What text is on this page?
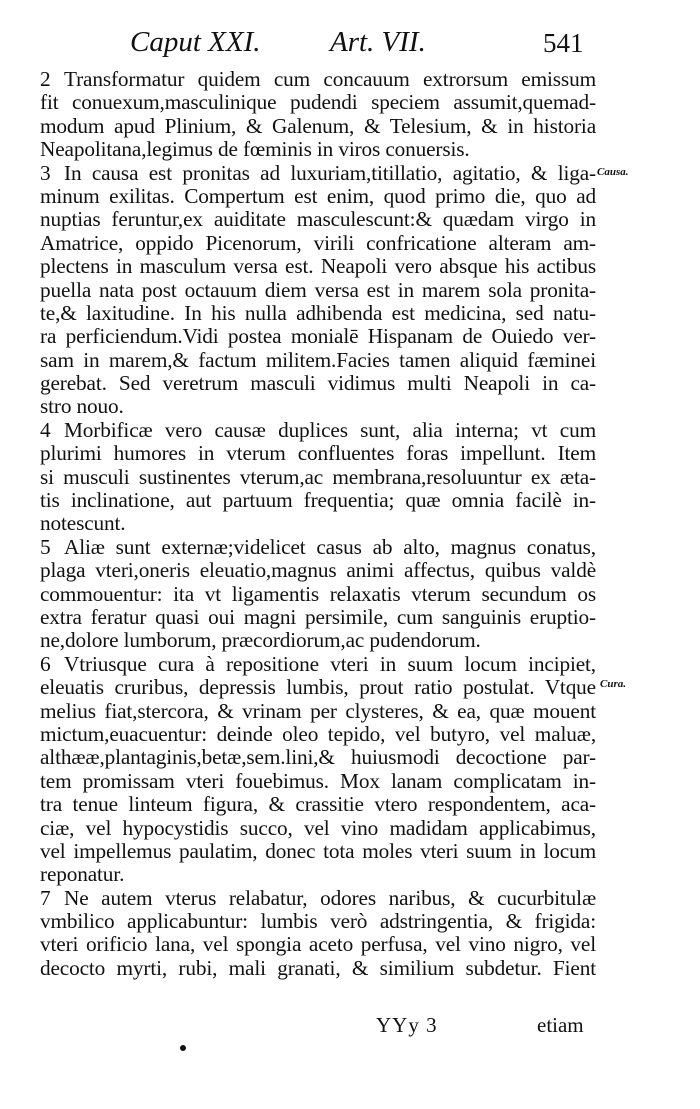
Caput XXI. Art. VII.	541
2 Transformatur quidem cum concauum extrorsum emissum
fit conuexum,masculinique pudendi speciem assumit,quemad-
modum apud Plinium, & Galenum, & Telesium, & in historia
Neapolitana,legimus de fœminis in viros conuersis.
3 In causa est pronitas ad luxuriam,titillatio, agitatio, & liga-
minum exilitas. Compertum est enim, quod primo die, quo ad
nuptias feruntur,ex auiditate masculescunt:& quædam virgo in
Amatrice, oppido Picenorum, virili confricatione alteram am-
plectens in masculum versa est. Neapoli vero absque his actibus
puella nata post octauum diem versa est in marem sola pronita-
te,& laxitudine. In his nulla adhibenda est medicina, sed natu-
ra perficiendum.Vidi postea monialē Hispanam de Ouiedo ver-
sam in marem,& factum militem.Facies tamen aliquid fæminei
gerebat. Sed veretrum masculi vidimus multi Neapoli in ca-
stro nouo.
4 Morbificæ vero causæ duplices sunt, alia interna; vt cum
plurimi humores in vterum confluentes foras impellunt. Item
si musculi sustinentes vterum,ac membrana,resoluuntur ex æta-
tis inclinatione, aut partuum frequentia; quæ omnia facilè in-
notescunt.
5 Aliæ sunt externæ;videlicet casus ab alto, magnus conatus,
plaga vteri,oneris eleuatio,magnus animi affectus, quibus valdè
commouentur: ita vt ligamentis relaxatis vterum secundum os
extra feratur quasi oui magni persimile, cum sanguinis eruptio-
ne,dolore lumborum, præcordiorum,ac pudendorum.
6 Vtriusque cura à repositione vteri in suum locum incipiet,
eleuatis cruribus, depressis lumbis, prout ratio postulat. Vtque
melius fiat,stercora, & vrinam per clysteres, & ea, quæ mouent
mictum,euacuentur: deinde oleo tepido, vel butyro, vel maluæ,
althææ,plantaginis,betæ,sem.lini,& huiusmodi decoctione par-
tem promissam vteri fouebimus. Mox lanam complicatam in-
tra tenue linteum figura, & crassitie vtero respondentem, aca-
ciæ, vel hypocystidis succo, vel vino madidam applicabimus,
vel impellemus paulatim, donec tota moles vteri suum in locum
reponatur.
7 Ne autem vterus relabatur, odores naribus, & cucurbitulæ
vmbilico applicabuntur: lumbis verò adstringentia, & frigida:
vteri orificio lana, vel spongia aceto perfusa, vel vino nigro, vel
decocto myrti, rubi, mali granati, & similium subdetur. Fient
Causa.
Cura.
YYy 3	etiam
